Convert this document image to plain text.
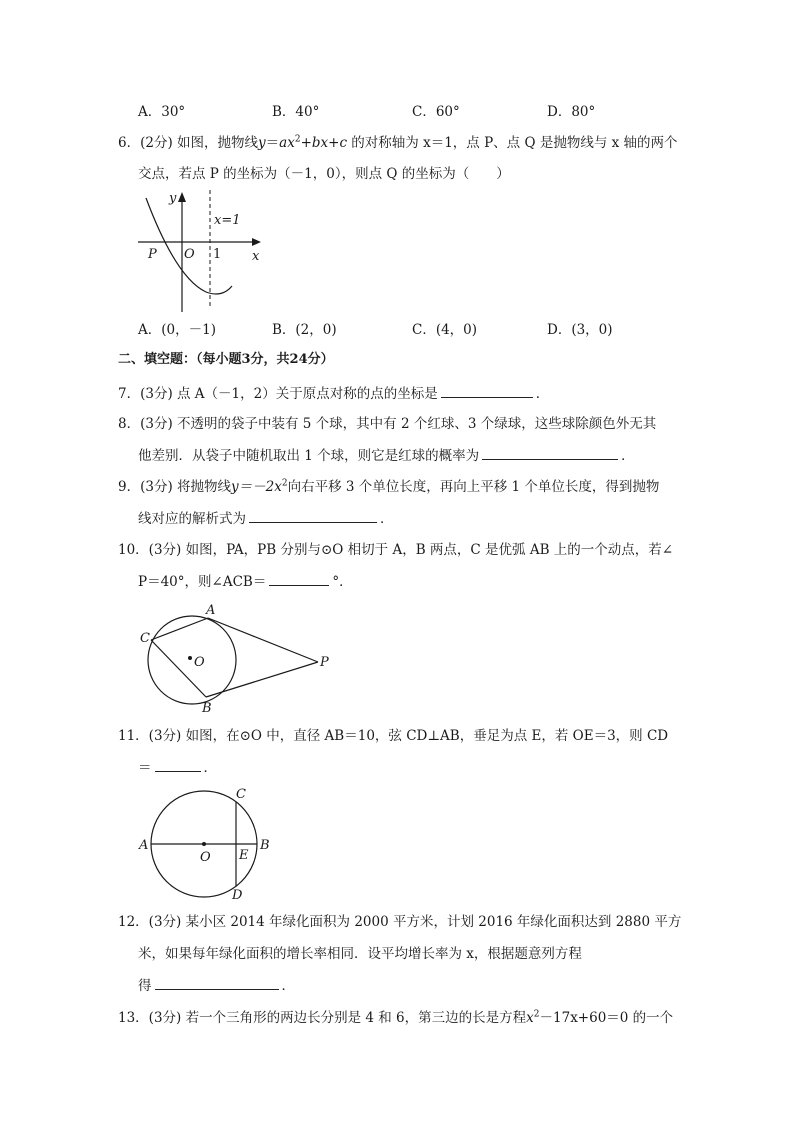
A．30°	B．40°	C．60°	D．80°
6．(2分) 如图，抛物线$y=ax^2+bx+c$ 的对称轴为 x＝1，点 P、点 Q 是抛物线与 x 轴的两个
交点，若点 P 的坐标为（－1，0），则点 Q 的坐标为（　　）
y
x
x=1
O 1
P
A．(0，－1)	B．(2，0)	C．(4，0)	D．(3，0)
二、填空题：（每小题3分，共24分）
7．(3分) 点 A（－1，2）关于原点对称的点的坐标是	．
8．(3分) 不透明的袋子中装有 5 个球，其中有 2 个红球、3 个绿球，这些球除颜色外无其
他差别．从袋子中随机取出 1 个球，则它是红球的概率为	．
9．(3分) 将抛物线$y=-2x^2$向右平移 3 个单位长度，再向上平移 1 个单位长度，得到抛物
线对应的解析式为	．
10．(3分) 如图，PA，PB 分别与⊙O 相切于 A，B 两点，C 是优弧 AB 上的一个动点，若∠
P＝40°，则∠ACB＝	°．
A
B
C
O	P
11．(3分) 如图，在⊙O 中，直径 AB＝10，弦 CD⊥AB，垂足为点 E，若 OE＝3，则 CD
＝	．
A	B
C
D
E
O
12．(3分) 某小区 2014 年绿化面积为 2000 平方米，计划 2016 年绿化面积达到 2880 平方
米，如果每年绿化面积的增长率相同．设平均增长率为 x，根据题意列方程
得	．
13．(3分) 若一个三角形的两边长分别是 4 和 6，第三边的长是方程$x^2-17x+60=0$ 的一个
